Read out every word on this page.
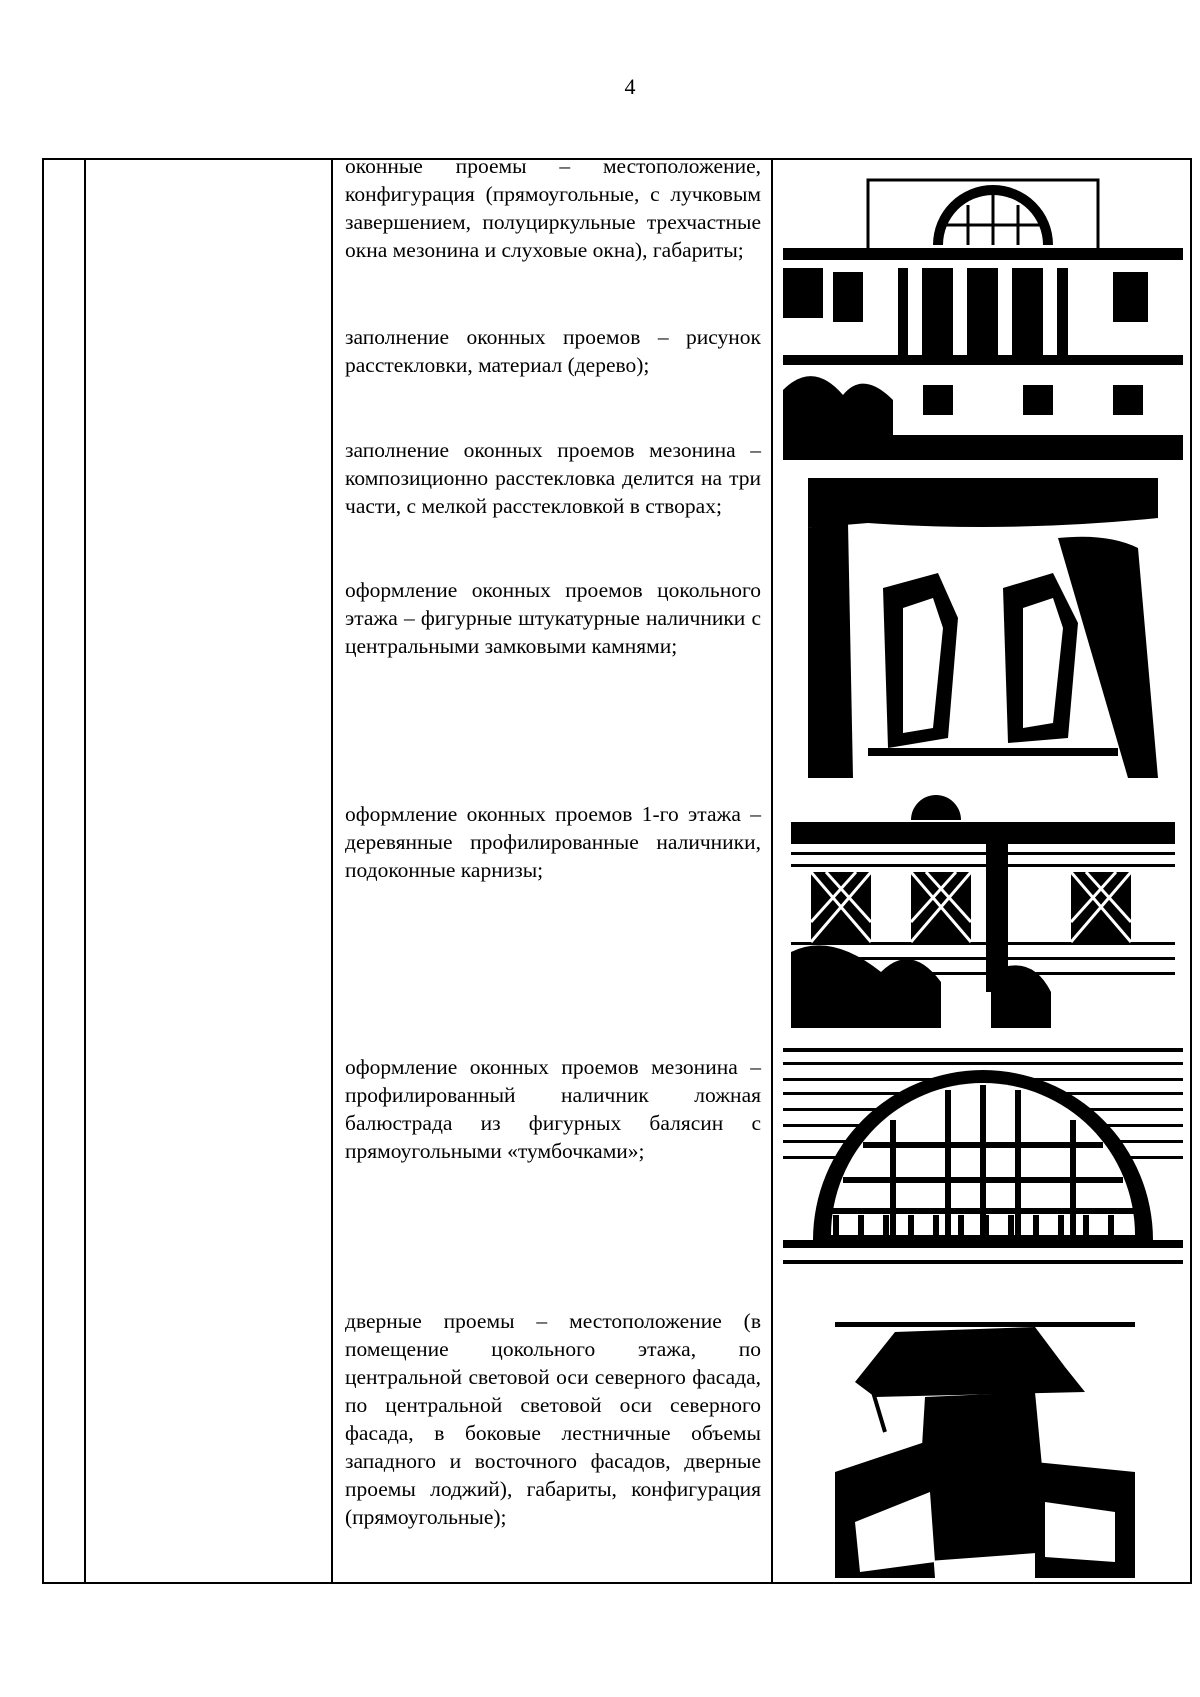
4

оконные проемы – местоположение, конфигурация (прямоугольные, с лучковым завершением, полуциркульные трехчастные окна мезонина и слуховые окна), габариты;

заполнение оконных проемов – рисунок расстекловки, материал (дерево);

заполнение оконных проемов мезонина – композиционно расстекловка делится на три части, с мелкой расстекловкой в створах;

оформление оконных проемов цокольного этажа – фигурные штукатурные наличники с центральными замковыми камнями;

оформление оконных проемов 1-го этажа – деревянные профилированные наличники, подоконные карнизы;

оформление оконных проемов мезонина – профилированный наличник ложная балюстрада из фигурных балясин с прямоугольными «тумбочками»;

дверные проемы – местоположение (в помещение цокольного этажа, по центральной световой оси северного фасада, по центральной световой оси северного фасада, в боковые лестничные объемы западного и восточного фасадов, дверные проемы лоджий), габариты, конфигурация (прямоугольные);
